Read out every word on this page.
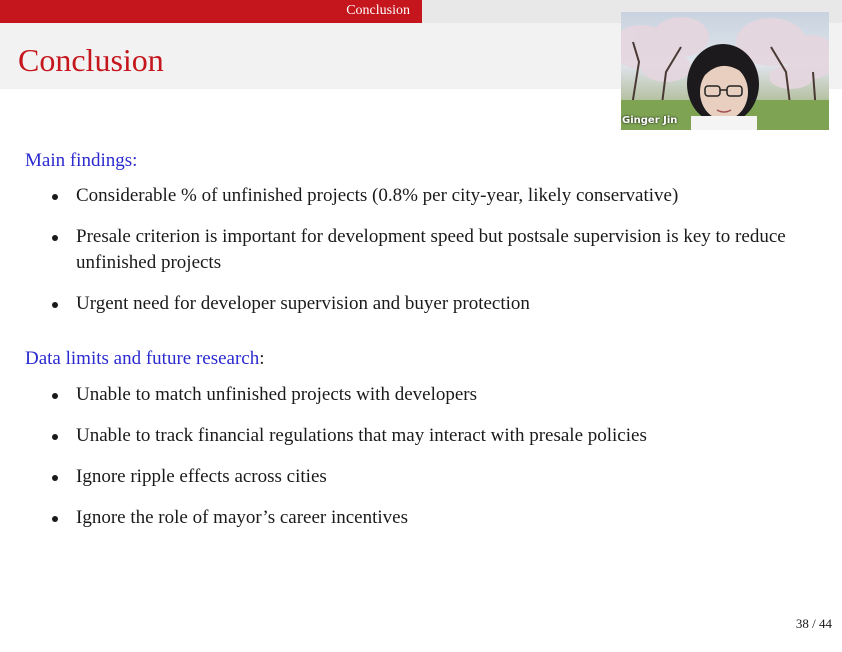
Conclusion
Conclusion
Ginger Jin
Main findings:
Considerable % of unfinished projects (0.8% per city-year, likely conservative)
Presale criterion is important for development speed but postsale supervision is key to reduce unfinished projects
Urgent need for developer supervision and buyer protection
Data limits and future research:
Unable to match unfinished projects with developers
Unable to track financial regulations that may interact with presale policies
Ignore ripple effects across cities
Ignore the role of mayor’s career incentives
38 / 44
